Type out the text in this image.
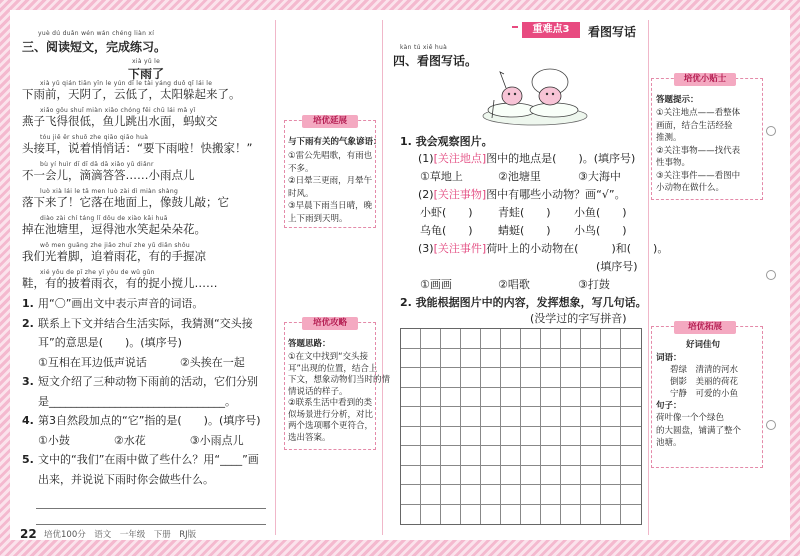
yuè dú duǎn wén wán chéng liàn xí
三、阅读短文，完成练习。
xià yǔ le
下雨了
xià yǔ qián tiān yīn le yún dī le tài yáng duǒ qǐ lái le
下雨前，天阴了，云低了，太阳躲起来了。
xiǎo gǒu shuǐ miàn xiǎo chóng fēi chū lái mǎ yǐ
燕子飞得很低，鱼儿跳出水面，蚂蚁交
tóu jiē ěr shuō zhe qiāo qiāo huà
头接耳，说着悄悄话：“要下雨啦！快搬家！”
bù yí huìr dī dī dā dā xiǎo yǔ diǎnr
不一会儿，滴滴答答……小雨点儿
luò xià lái le tā men luò zài dì miàn shàng
落下来了！它落在地面上，像鼓儿敲；它
diào zài chí táng lǐ dōu de xiào kāi huā
掉在池塘里，逗得池水笑起朵朵花。
wǒ men guāng zhe jiǎo zhuī zhe yǔ diǎn shǒu
我们光着脚，追着雨花，有的手握凉
xié yǒu de pī zhe yī yǒu de wǔ gǔn
鞋，有的披着雨衣，有的捉小搅儿……
1. 用“〇”画出文中表示声音的词语。
2. 联系上下文并结合生活实际，我猜测“交头接
耳”的意思是(　　)。(填序号)
①互相在耳边低声说话　　　②头挨在一起
3. 短文介绍了三种动物下雨前的活动，它们分别
是________________________________。
4. 第3自然段加点的“它”指的是(　　)。(填序号)
①小鼓　　　　②水花　　　　③小雨点儿
5. 文中的“我们”在雨中做了些什么？用“____”画
出来，并说说下雨时你会做些什么。
培优延展
与下雨有关的气象谚语：
①雷公先唱歌，有雨也
不多。
②日晕三更雨，月晕午
时风。
③早晨下雨当日晴，晚
上下雨到天明。
培优攻略
答题思路：
①在文中找到“交头接
耳”出现的位置，结合上
下文，想象动物们当时的情
情说话的样子。
②联系生活中看到的类
似场景进行分析，对比
两个选项哪个更符合，
选出答案。
重难点3	看图写话
kàn tú xiě huà
四、看图写话。
1. 我会观察图片。
(1)[关注地点]图中的地点是(　　)。(填序号)
①草地上	②池塘里	③大海中
(2)[关注事物]图中有哪些小动物？画“√”。
小虾(　　) 青蛙(　　) 小鱼(　　)
乌龟(　　) 蜻蜓(　　) 小鸟(　　)
(3)[关注事件]荷叶上的小动物在(　　　)和(　　)。
(填序号)
①画画	②唱歌	③打鼓
2. 我能根据图片中的内容，发挥想象，写几句话。
(没学过的字写拼音)
培优小贴士
答题提示：
①关注地点——看整体
画面，结合生活经验
推测。
②关注事物——找代表
性事物。
③关注事件——看图中
小动物在做什么。
培优拓展
好词佳句
词语：
碧绿　清清的河水
倒影　美丽的荷花
宁静　可爱的小鱼
句子：
荷叶像一个个绿色
的大圆盘，铺满了整个
池塘。
22 培优100分　语文　一年级　下册　RJ版
